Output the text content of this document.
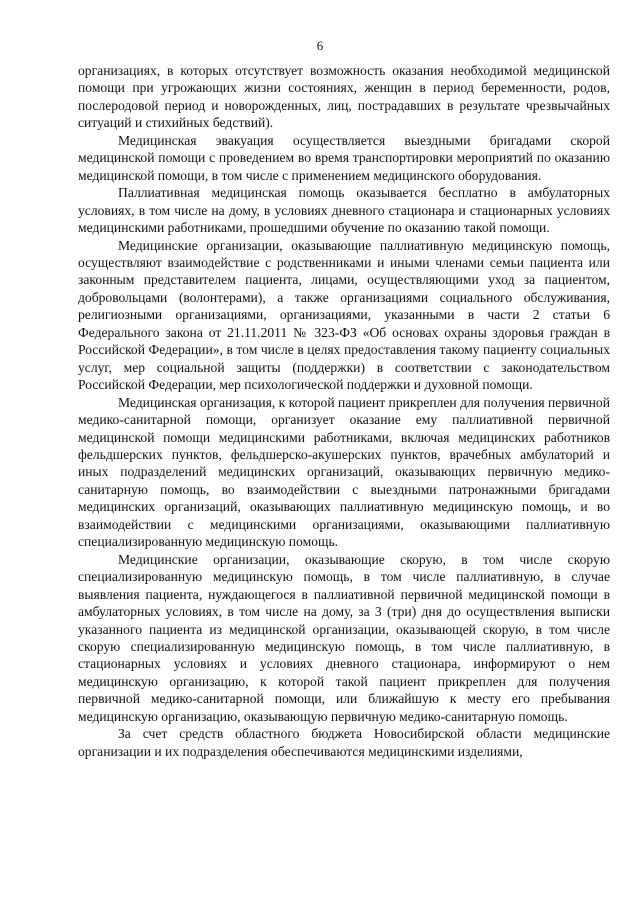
6

организациях, в которых отсутствует возможность оказания необходимой медицинской помощи при угрожающих жизни состояниях, женщин в период беременности, родов, послеродовой период и новорожденных, лиц, пострадавших в результате чрезвычайных ситуаций и стихийных бедствий).

Медицинская эвакуация осуществляется выездными бригадами скорой медицинской помощи с проведением во время транспортировки мероприятий по оказанию медицинской помощи, в том числе с применением медицинского оборудования.

Паллиативная медицинская помощь оказывается бесплатно в амбулаторных условиях, в том числе на дому, в условиях дневного стационара и стационарных условиях медицинскими работниками, прошедшими обучение по оказанию такой помощи.

Медицинские организации, оказывающие паллиативную медицинскую помощь, осуществляют взаимодействие с родственниками и иными членами семьи пациента или законным представителем пациента, лицами, осуществляющими уход за пациентом, добровольцами (волонтерами), а также организациями социального обслуживания, религиозными организациями, организациями, указанными в части 2 статьи 6 Федерального закона от 21.11.2011 № 323-ФЗ «Об основах охраны здоровья граждан в Российской Федерации», в том числе в целях предоставления такому пациенту социальных услуг, мер социальной защиты (поддержки) в соответствии с законодательством Российской Федерации, мер психологической поддержки и духовной помощи.

Медицинская организация, к которой пациент прикреплен для получения первичной медико-санитарной помощи, организует оказание ему паллиативной первичной медицинской помощи медицинскими работниками, включая медицинских работников фельдшерских пунктов, фельдшерско-акушерских пунктов, врачебных амбулаторий и иных подразделений медицинских организаций, оказывающих первичную медико-санитарную помощь, во взаимодействии с выездными патронажными бригадами медицинских организаций, оказывающих паллиативную медицинскую помощь, и во взаимодействии с медицинскими организациями, оказывающими паллиативную специализированную медицинскую помощь.

Медицинские организации, оказывающие скорую, в том числе скорую специализированную медицинскую помощь, в том числе паллиативную, в случае выявления пациента, нуждающегося в паллиативной первичной медицинской помощи в амбулаторных условиях, в том числе на дому, за 3 (три) дня до осуществления выписки указанного пациента из медицинской организации, оказывающей скорую, в том числе скорую специализированную медицинскую помощь, в том числе паллиативную, в стационарных условиях и условиях дневного стационара, информируют о нем медицинскую организацию, к которой такой пациент прикреплен для получения первичной медико-санитарной помощи, или ближайшую к месту его пребывания медицинскую организацию, оказывающую первичную медико-санитарную помощь.

За счет средств областного бюджета Новосибирской области медицинские организации и их подразделения обеспечиваются медицинскими изделиями,
